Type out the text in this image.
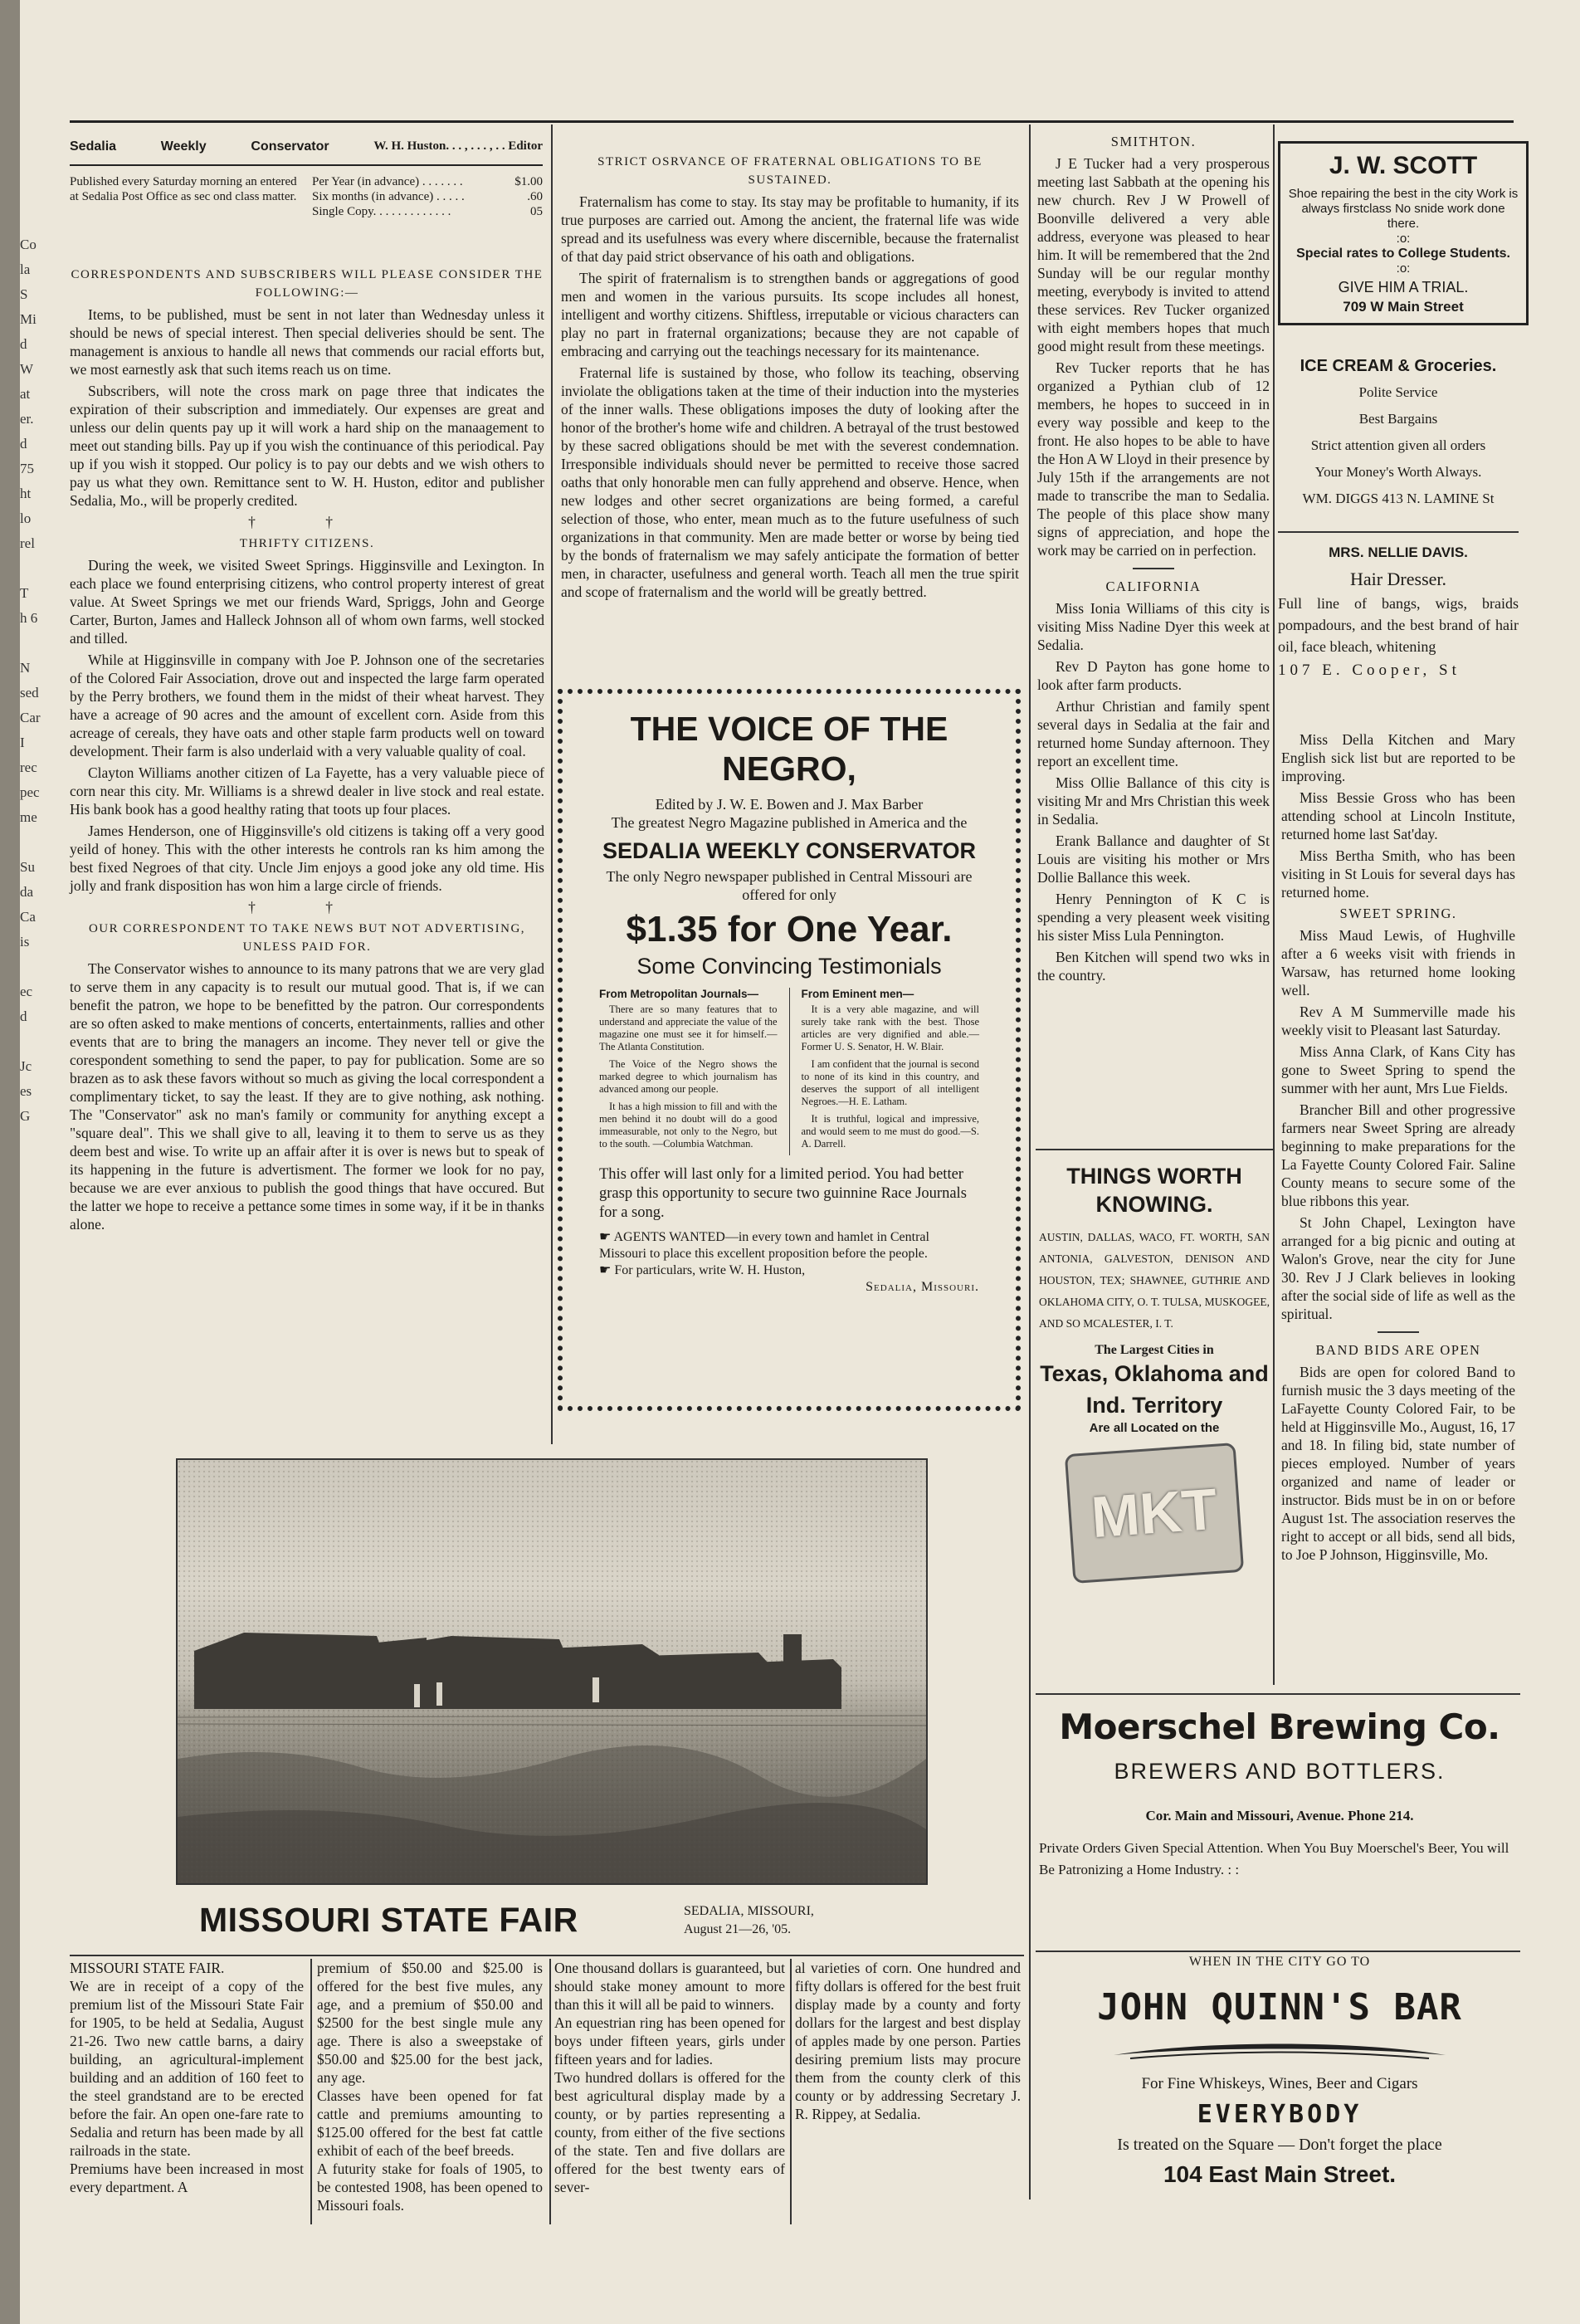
Co
la
S
Mi
d
W
at
er.
d
75
ht
lo
rel

T
h 6

N
sed
Car
I
rec
pec
me

Su
da
Ca
is

ec
d

Jc
es
G
Sedalia	Weekly	Conservator	W. H. Huston. . . , . . . , . . Editor
Published every Saturday morning an entered at Sedalia Post Office as sec ond class matter.
Per Year (in advance) . . . . . . .	$1.00
Six months (in advance) . . . . .	.60
Single Copy. . . . . . . . . . . . .	05

CORRESPONDENTS AND SUBSCRIBERS WILL PLEASE CONSIDER THE FOLLOWING:—

Items, to be published, must be sent in not later than Wednesday unless it should be news of special interest. Then special deliveries should be sent. The management is anxious to handle all news that commends our racial efforts but, we most earnestly ask that such items reach us on time.

Subscribers, will note the cross mark on page three that indicates the expiration of their subscription and immediately. Our expenses are great and unless our delin quents pay up it will work a hard ship on the manaagement to meet out standing bills. Pay up if you wish the continuance of this periodical. Pay up if you wish it stopped. Our policy is to pay our debts and we wish others to pay us what they own. Remittance sent to W. H. Huston, editor and publisher Sedalia, Mo., will be properly credited.

† †

THRIFTY CITIZENS.

During the week, we visited Sweet Springs. Higginsville and Lexington. In each place we found enterprising citizens, who control property interest of great value. At Sweet Springs we met our friends Ward, Spriggs, John and George Carter, Burton, James and Halleck Johnson all of whom own farms, well stocked and tilled.

While at Higginsville in company with Joe P. Johnson one of the secretaries of the Colored Fair Association, drove out and inspected the large farm operated by the Perry brothers, we found them in the midst of their wheat harvest. They have a acreage of 90 acres and the amount of excellent corn. Aside from this acreage of cereals, they have oats and other staple farm products well on toward development. Their farm is also underlaid with a very valuable quality of coal.

Clayton Williams another citizen of La Fayette, has a very valuable piece of corn near this city. Mr. Williams is a shrewd dealer in live stock and real estate. His bank book has a good healthy rating that toots up four places.

James Henderson, one of Higginsville's old citizens is taking off a very good yeild of honey. This with the other interests he controls ran ks him among the best fixed Negroes of that city. Uncle Jim enjoys a good joke any old time. His jolly and frank disposition has won him a large circle of friends.

† †

OUR CORRESPONDENT TO TAKE NEWS BUT NOT ADVERTISING, UNLESS PAID FOR.

The Conservator wishes to announce to its many patrons that we are very glad to serve them in any capacity is to result our mutual good. That is, if we can benefit the patron, we hope to be benefitted by the patron. Our correspondents are so often asked to make mentions of concerts, entertainments, rallies and other events that are to bring the managers an income. They never tell or give the corespondent something to send the paper, to pay for publication. Some are so brazen as to ask these favors without so much as giving the local correspondent a complimentary ticket, to say the least. If they are to give nothing, ask nothing. The "Conservator" ask no man's family or community for anything except a "square deal". This we shall give to all, leaving it to them to serve us as they deem best and wise. To write up an affair after it is over is news but to speak of its happening in the future is advertisment. The former we look for no pay, because we are ever anxious to publish the good things that have occured. But the latter we hope to receive a pettance some times in some way, if it be in thanks alone.

STRICT OSRVANCE OF FRATERNAL OBLIGATIONS TO BE SUSTAINED.

Fraternalism has come to stay. Its stay may be profitable to humanity, if its true purposes are carried out. Among the ancient, the fraternal life was wide spread and its usefulness was every where discernible, because the fraternalist of that day paid strict observance of his oath and obligations.

The spirit of fraternalism is to strengthen bands or aggregations of good men and women in the various pursuits. Its scope includes all honest, intelligent and worthy citizens. Shiftless, irreputable or vicious characters can play no part in fraternal organizations; because they are not capable of embracing and carrying out the teachings necessary for its maintenance.

Fraternal life is sustained by those, who follow its teaching, observing inviolate the obligations taken at the time of their induction into the mysteries of the inner walls. These obligations imposes the duty of looking after the honor of the brother's home wife and children. A betrayal of the trust bestowed by these sacred obligations should be met with the severest condemnation. Irresponsible individuals should never be permitted to receive those sacred oaths that only honorable men can fully apprehend and observe. Hence, when new lodges and other secret organizations are being formed, a careful selection of those, who enter, mean much as to the future usefulness of such organizations in that community. Men are made better or worse by being tied by the bonds of fraternalism we may safely anticipate the formation of better men, in character, usefulness and general worth. Teach all men the true spirit and scope of fraternalism and the world will be greatly bettred.

THE VOICE OF THE NEGRO,
Edited by J. W. E. Bowen and J. Max Barber
The greatest Negro Magazine published in America and the
SEDALIA WEEKLY CONSERVATOR
The only Negro newspaper published in Central Missouri are offered for only
$1.35 for One Year.
Some Convincing Testimonials
From Metropolitan Journals—

There are so many features that to understand and appreciate the value of the magazine one must see it for himself.—The Atlanta Constitution.

The Voice of the Negro shows the marked degree to which journalism has advanced among our people.

It has a high mission to fill and with the men behind it no doubt will do a good immeasurable, not only to the Negro, but to the south. —Columbia Watchman.

From Eminent men—

It is a very able magazine, and will surely take rank with the best. Those articles are very dignified and able.—Former U. S. Senator, H. W. Blair.

I am confident that the journal is second to none of its kind in this country, and deserves the support of all intelligent Negroes.—H. E. Latham.

It is truthful, logical and impressive, and would seem to me must do good.—S. A. Darrell.

This offer will last only for a limited period. You had better grasp this opportunity to secure two guinnine Race Journals for a song.
☛ AGENTS WANTED—in every town and hamlet in Central Missouri to place this excellent proposition before the people.
☛ For particulars, write W. H. Huston,
Sedalia, Missouri.
MISSOURI STATE FAIR	SEDALIA, MISSOURI,
August 21—26, '05.
MISSOURI STATE FAIR.
We are in receipt of a copy of the premium list of the Missouri State Fair for 1905, to be held at Sedalia, August 21-26. Two new cattle barns, a dairy building, an agricultural-implement building and an addition of 160 feet to the steel grandstand are to be erected before the fair. An open one-fare rate to Sedalia and return has been made by all railroads in the state.
Premiums have been increased in most every department. A
premium of $50.00 and $25.00 is offered for the best five mules, any age, and a premium of $50.00 and $2500 for the best single mule any age. There is also a sweepstake of $50.00 and $25.00 for the best jack, any age.
Classes have been opened for fat cattle and premiums amounting to $125.00 offered for the best fat cattle exhibit of each of the beef breeds.
A futurity stake for foals of 1905, to be contested 1908, has been opened to Missouri foals.
One thousand dollars is guaranteed, but should stake money amount to more than this it will all be paid to winners.
An equestrian ring has been opened for boys under fifteen years, girls under fifteen years and for ladies.
Two hundred dollars is offered for the best agricultural display made by a county, or by parties representing a county, from either of the five sections of the state. Ten and five dollars are offered for the best twenty ears of sever-
al varieties of corn. One hundred and fifty dollars is offered for the best fruit display made by a county and forty dollars for the largest and best display of apples made by one person. Parties desiring premium lists may procure them from the county clerk of this county or by addressing Secretary J. R. Rippey, at Sedalia.

SMITHTON.

J E Tucker had a very prosperous meeting last Sabbath at the opening his new church. Rev J W Prowell of Boonville delivered a very able address, everyone was pleased to hear him. It will be remembered that the 2nd Sunday will be our regular monthy meeting, everybody is invited to attend these services. Rev Tucker organized with eight members hopes that much good might result from these meetings.

Rev Tucker reports that he has organized a Pythian club of 12 members, he hopes to succeed in in every way possible and keep to the front. He also hopes to be able to have the Hon A W Lloyd in their presence by July 15th if the arrangements are not made to transcribe the man to Sedalia. The people of this place show many signs of appreciation, and hope the work may be carried on in perfection.

CALIFORNIA

Miss Ionia Williams of this city is visiting Miss Nadine Dyer this week at Sedalia.

Rev D Payton has gone home to look after farm products.

Arthur Christian and family spent several days in Sedalia at the fair and returned home Sunday afternoon. They report an excellent time.

Miss Ollie Ballance of this city is visiting Mr and Mrs Christian this week in Sedalia.

Erank Ballance and daughter of St Louis are visiting his mother or Mrs Dollie Ballance this week.

Henry Pennington of K C is spending a very pleasent week visiting his sister Miss Lula Pennington.

Ben Kitchen will spend two wks in the country.

THINGS WORTH KNOWING.
AUSTIN, DALLAS, WACO, FT. WORTH, SAN ANTONIA, GALVESTON, DENISON AND HOUSTON, TEX; SHAWNEE, GUTHRIE AND OKLAHOMA CITY, O. T. TULSA, MUSKOGEE, AND SO MCALESTER, I. T.
The Largest Cities in
Texas, Oklahoma and Ind. Territory
Are all Located on the
MKT
J. W. SCOTT
Shoe repairing the best in the city Work is always firstclass No snide work done there.
:o:
Special rates to College Students.
:o:
GIVE HIM A TRIAL.
709 W Main Street
ICE CREAM & Groceries.
Polite Service
Best Bargains
Strict attention given all orders
Your Money's Worth Always.
WM. DIGGS 413 N. LAMINE St
MRS. NELLIE DAVIS.
Hair Dresser.
Full line of bangs, wigs, braids pompadours, and the best brand of hair oil, face bleach, whitening
107 E. Cooper, St

Miss Della Kitchen and Mary English sick list but are reported to be improving.

Miss Bessie Gross who has been attending school at Lincoln Institute, returned home last Sat'day.

Miss Bertha Smith, who has been visiting in St Louis for several days has returned home.

SWEET SPRING.

Miss Maud Lewis, of Hughville after a 6 weeks visit with friends in Warsaw, has returned home looking well.

Rev A M Summerville made his weekly visit to Pleasant last Saturday.

Miss Anna Clark, of Kans City has gone to Sweet Spring to spend the summer with her aunt, Mrs Lue Fields.

Brancher Bill and other progressive farmers near Sweet Spring are already beginning to make preparations for the La Fayette County Colored Fair. Saline County means to secure some of the blue ribbons this year.

St John Chapel, Lexington have arranged for a big picnic and outing at Walon's Grove, near the city for June 30. Rev J J Clark believes in looking after the social side of life as well as the spiritual.

BAND BIDS ARE OPEN

Bids are open for colored Band to furnish music the 3 days meeting of the LaFayette County Colored Fair, to be held at Higginsville Mo., August, 16, 17 and 18. In filing bid, state number of pieces employed. Number of years organized and name of leader or instructor. Bids must be in on or before August 1st. The association reserves the right to accept or all bids, send all bids, to Joe P Johnson, Higginsville, Mo.

Moerschel Brewing Co.
BREWERS AND BOTTLERS.
Cor. Main and Missouri, Avenue. Phone 214.
Private Orders Given Special Attention. When You Buy Moerschel's Beer, You will Be Patronizing a Home Industry. : :
WHEN IN THE CITY GO TO
JOHN QUINN'S BAR
For Fine Whiskeys, Wines, Beer and Cigars
EVERYBODY
Is treated on the Square — Don't forget the place
104 East Main Street.
